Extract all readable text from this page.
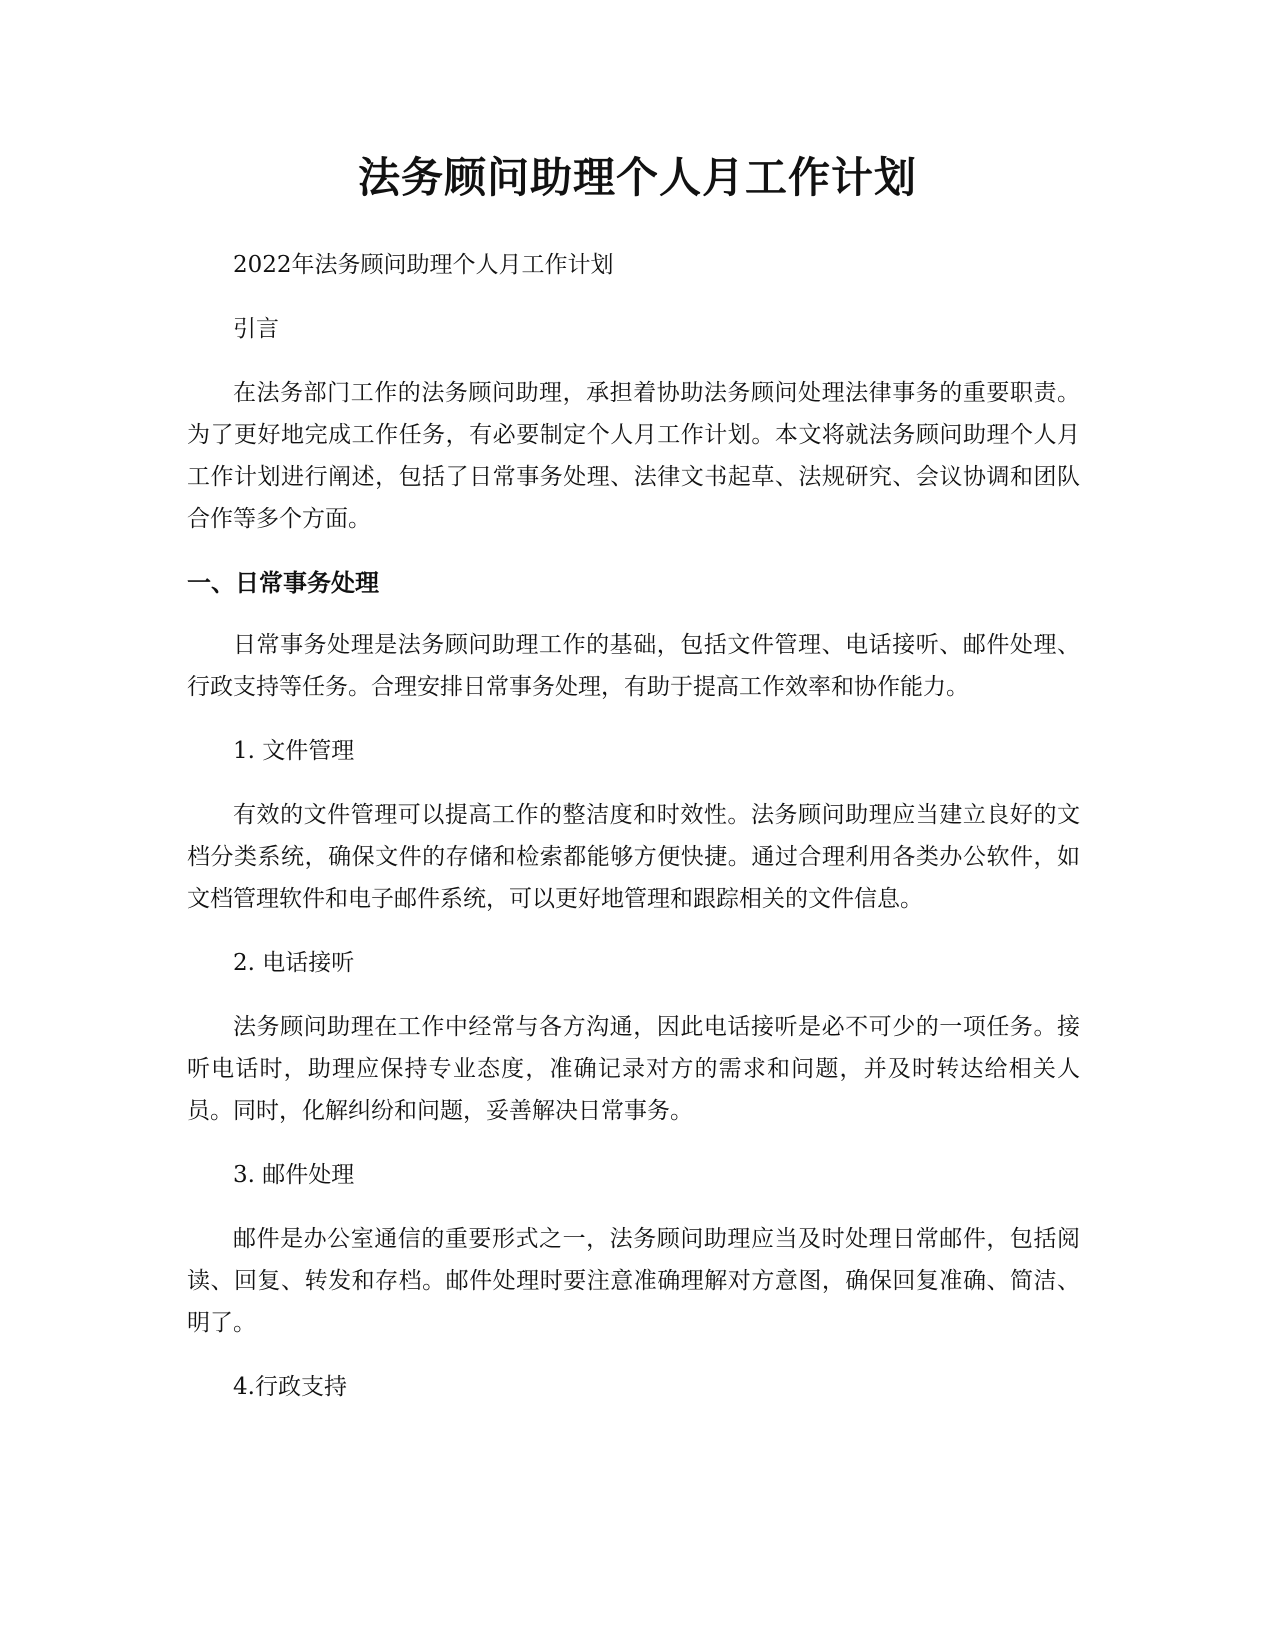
法务顾问助理个人月工作计划

2022年法务顾问助理个人月工作计划

引言

在法务部门工作的法务顾问助理，承担着协助法务顾问处理法律事务的重要职责。为了更好地完成工作任务，有必要制定个人月工作计划。本文将就法务顾问助理个人月工作计划进行阐述，包括了日常事务处理、法律文书起草、法规研究、会议协调和团队合作等多个方面。

一、日常事务处理

日常事务处理是法务顾问助理工作的基础，包括文件管理、电话接听、邮件处理、行政支持等任务。合理安排日常事务处理，有助于提高工作效率和协作能力。

1. 文件管理

有效的文件管理可以提高工作的整洁度和时效性。法务顾问助理应当建立良好的文档分类系统，确保文件的存储和检索都能够方便快捷。通过合理利用各类办公软件，如文档管理软件和电子邮件系统，可以更好地管理和跟踪相关的文件信息。

2. 电话接听

法务顾问助理在工作中经常与各方沟通，因此电话接听是必不可少的一项任务。接听电话时，助理应保持专业态度，准确记录对方的需求和问题，并及时转达给相关人员。同时，化解纠纷和问题，妥善解决日常事务。

3. 邮件处理

邮件是办公室通信的重要形式之一，法务顾问助理应当及时处理日常邮件，包括阅读、回复、转发和存档。邮件处理时要注意准确理解对方意图，确保回复准确、简洁、明了。

4.行政支持
